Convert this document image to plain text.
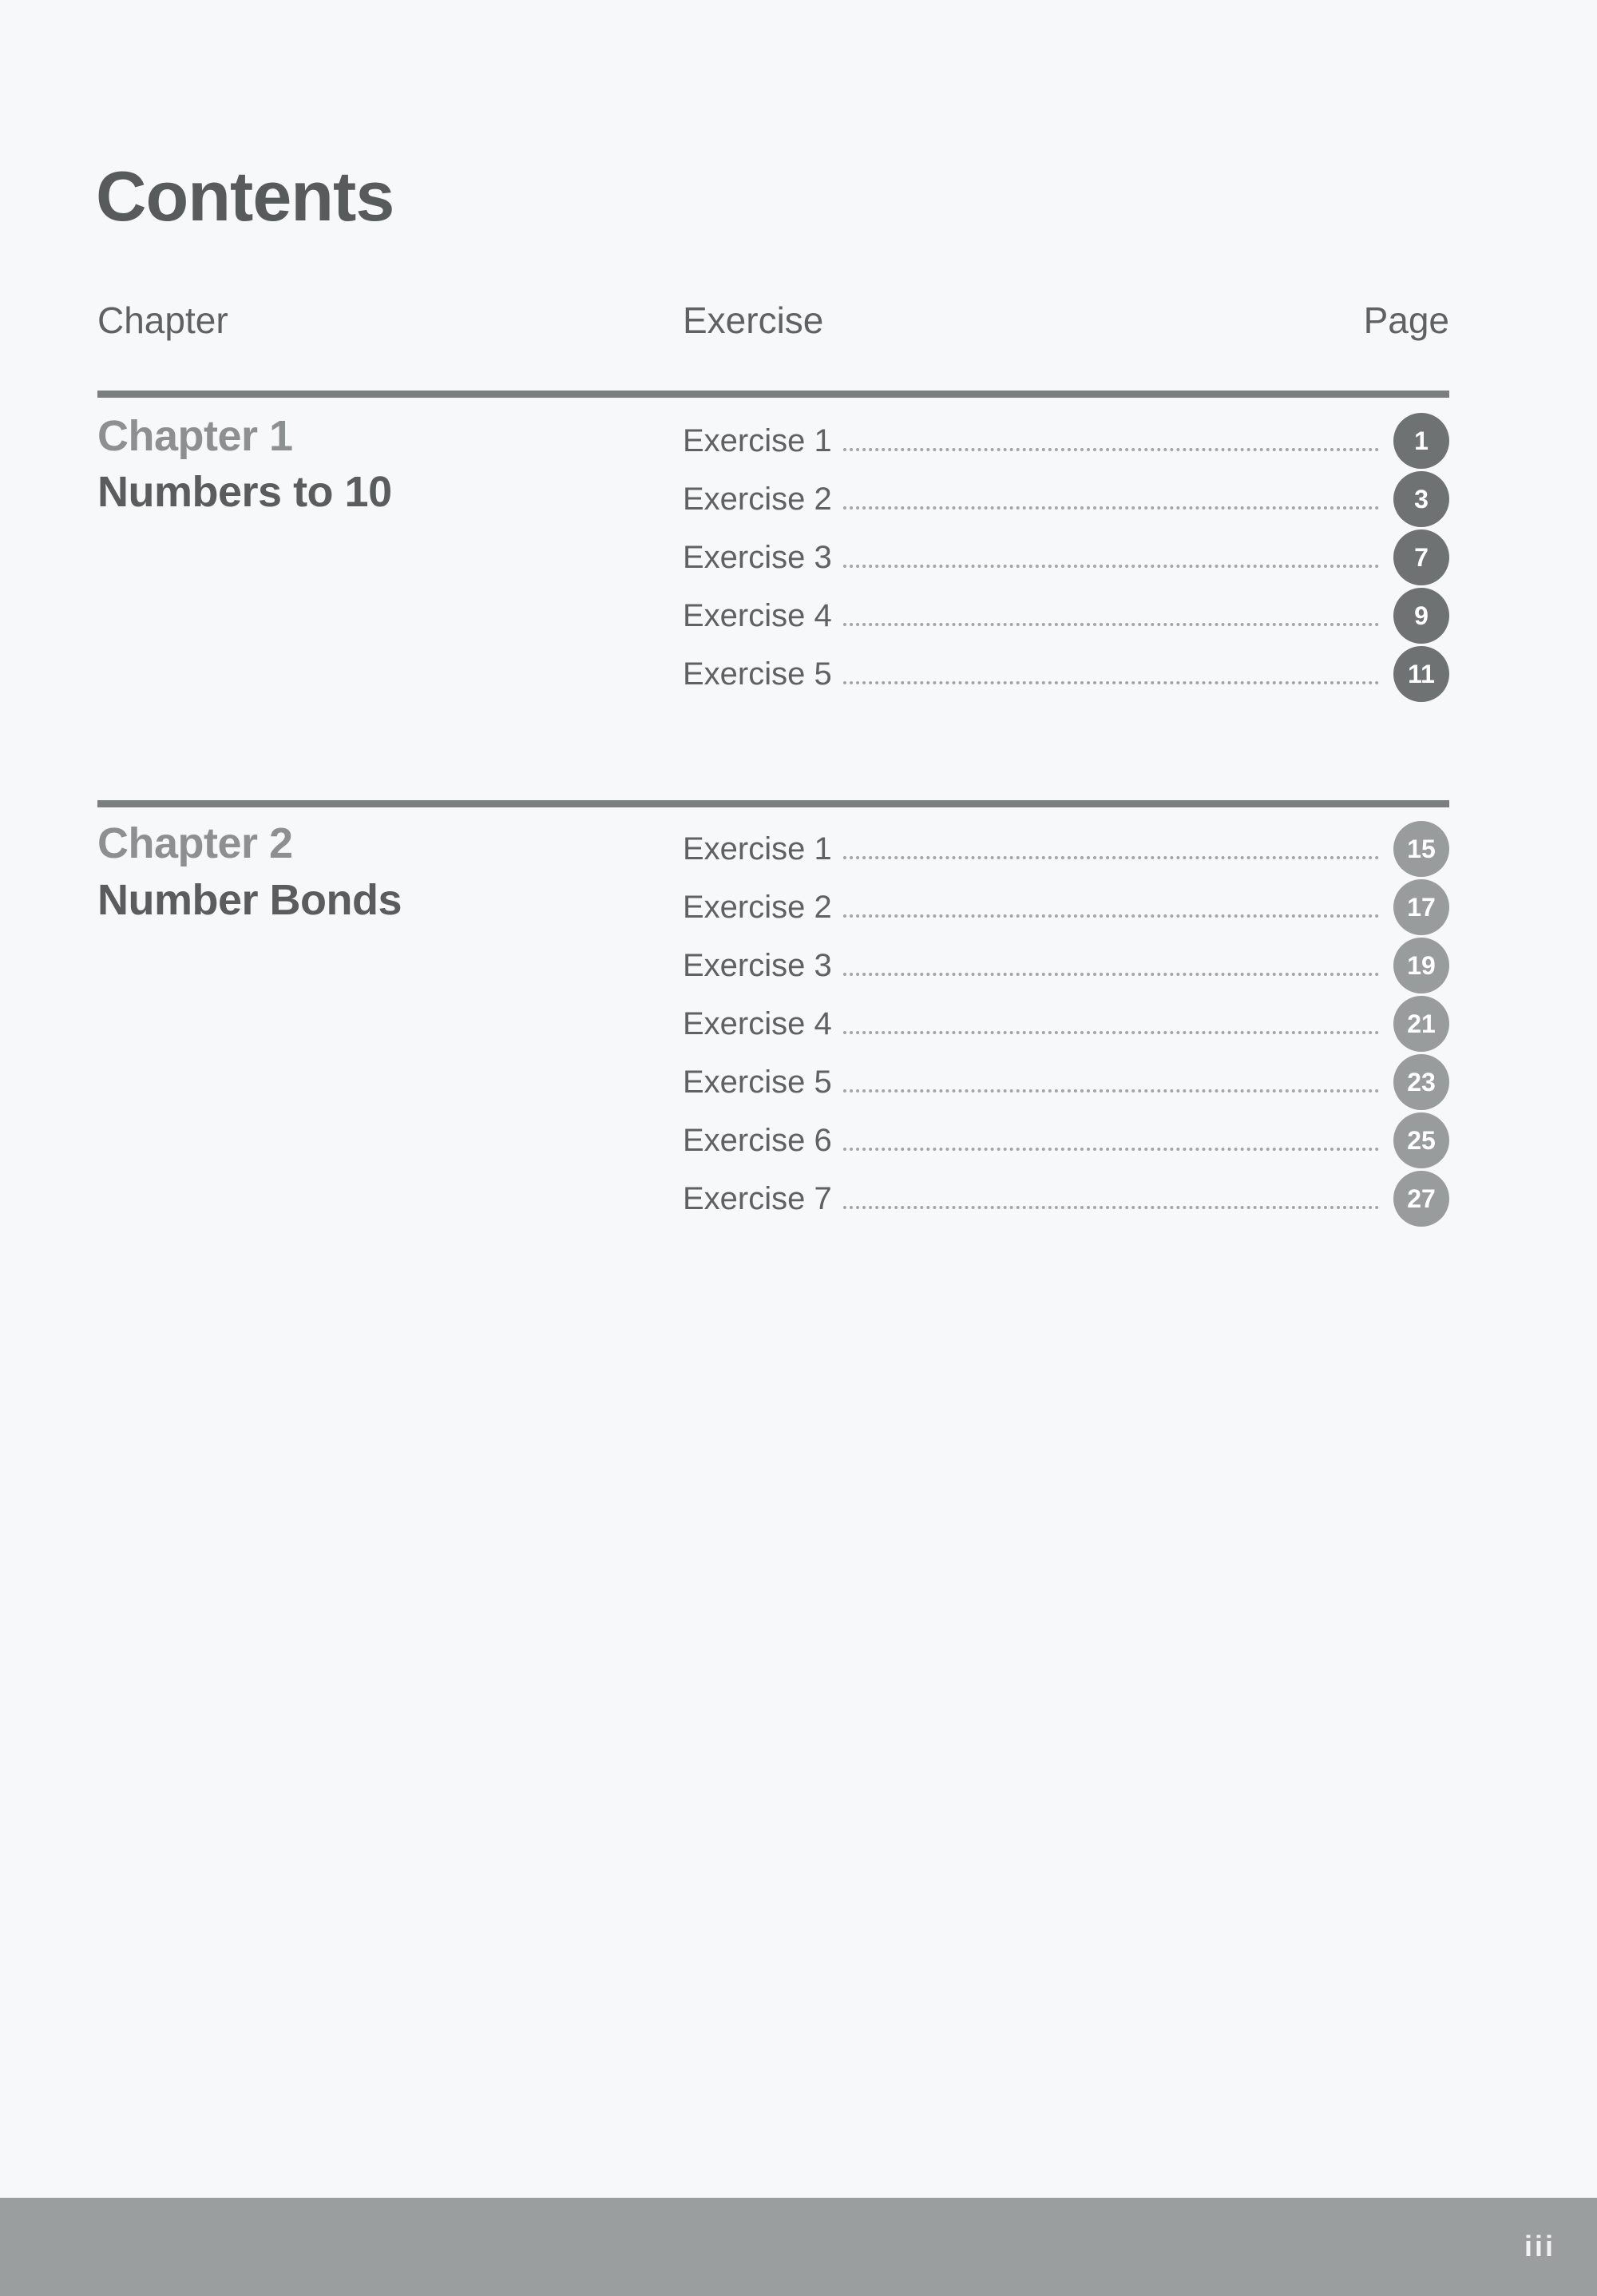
Contents
Chapter	Exercise	Page
Chapter 1
Numbers to 10
Exercise 1	1
Exercise 2	3
Exercise 3	7
Exercise 4	9
Exercise 5	11
Chapter 2
Number Bonds
Exercise 1	15
Exercise 2	17
Exercise 3	19
Exercise 4	21
Exercise 5	23
Exercise 6	25
Exercise 7	27
iii
